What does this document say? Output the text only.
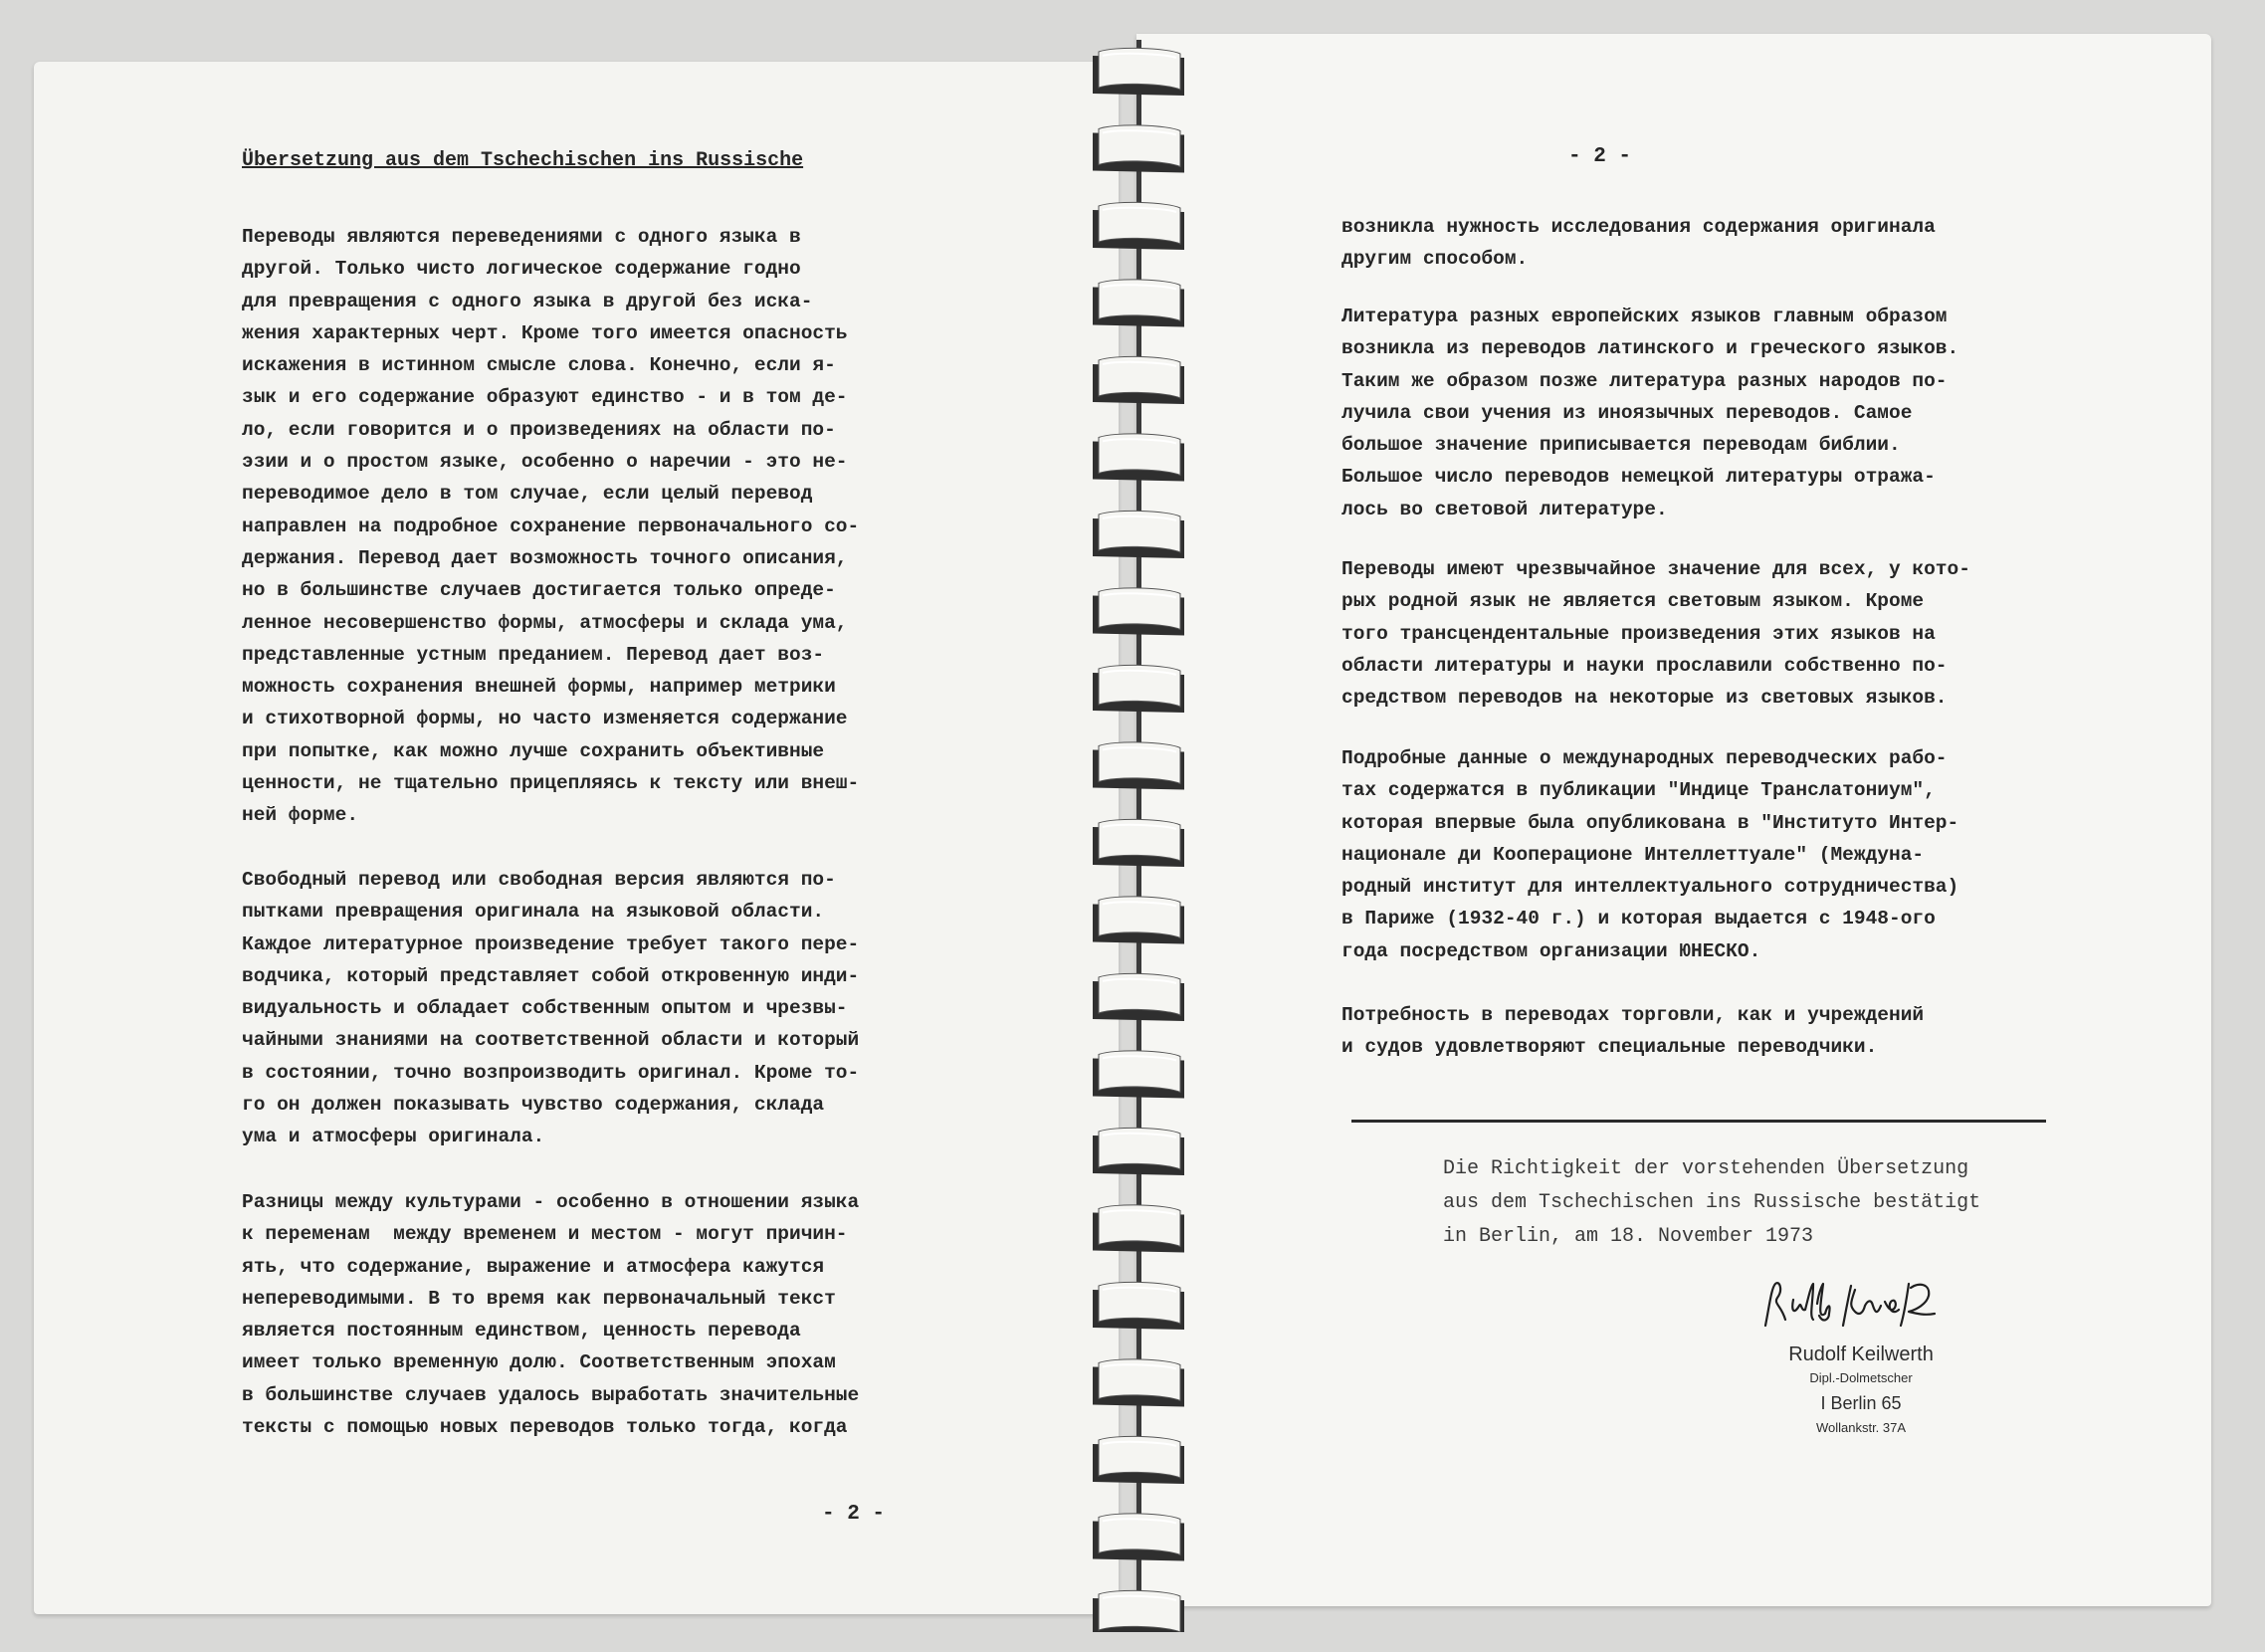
Übersetzung aus dem Tschechischen ins Russische
Переводы являются переведениями с одного языка в
другой. Только чисто логическое содержание годно
для превращения с одного языка в другой без иска-
жения характерных черт. Кроме того имеется опасность
искажения в истинном смысле слова. Конечно, если я-
зык и его содержание образуют единство - и в том де-
ло, если говорится и о произведениях на области по-
эзии и о простом языке, особенно о наречии - это не-
переводимое дело в том случае, если целый перевод
направлен на подробное сохранение первоначального со-
держания. Перевод дает возможность точного описания,
но в большинстве случаев достигается только опреде-
ленное несовершенство формы, атмосферы и склада ума,
представленные устным преданием. Перевод дает воз-
можность сохранения внешней формы, например метрики
и стихотворной формы, но часто изменяется содержание
при попытке, как можно лучше сохранить объективные
ценности, не тщательно прицепляясь к тексту или внеш-
ней форме.
Свободный перевод или свободная версия являются по-
пытками превращения оригинала на языковой области.
Каждое литературное произведение требует такого пере-
водчика, который представляет собой откровенную инди-
видуальность и обладает собственным опытом и чрезвы-
чайными знаниями на соответственной области и который
в состоянии, точно возпроизводить оригинал. Кроме то-
го он должен показывать чувство содержания, склада
ума и атмосферы оригинала.
Разницы между культурами - особенно в отношении языка
к переменам  между временем и местом - могут причин-
ять, что содержание, выражение и атмосфера кажутся
непереводимыми. В то время как первоначальный текст
является постоянным единством, ценность перевода
имеет только временную долю. Соответственным эпохам
в большинстве случаев удалось выработать значительные
тексты с помощью новых переводов только тогда, когда
- 2 -
- 2 -
возникла нужность исследования содержания оригинала
другим способом.
Литература разных европейских языков главным образом
возникла из переводов латинского и греческого языков.
Таким же образом позже литература разных народов по-
лучила свои учения из иноязычных переводов. Самое
большое значение приписывается переводам библии.
Большое число переводов немецкой литературы отража-
лось во световой литературе.
Переводы имеют чрезвычайное значение для всех, у кото-
рых родной язык не является световым языком. Кроме
того трансцендентальные произведения этих языков на
области литературы и науки прославили собственно по-
средством переводов на некоторые из световых языков.
Подробные данные о международных переводческих рабо-
тах содержатся в публикации "Индице Транслатониум",
которая впервые была опубликована в "Институто Интер-
национале ди Кооперационе Интеллеттуале" (Междуна-
родный институт для интеллектуального сотрудничества)
в Париже (1932-40 г.) и которая выдается с 1948-ого
года посредством организации ЮНЕСКО.
Потребность в переводах торговли, как и учреждений
и судов удовлетворяют специальные переводчики.
Die Richtigkeit der vorstehenden Übersetzung
aus dem Tschechischen ins Russische bestätigt
in Berlin, am 18. November 1973
Rudolf Keilwerth
Dipl.-Dolmetscher
I Berlin 65
Wollankstr. 37A
